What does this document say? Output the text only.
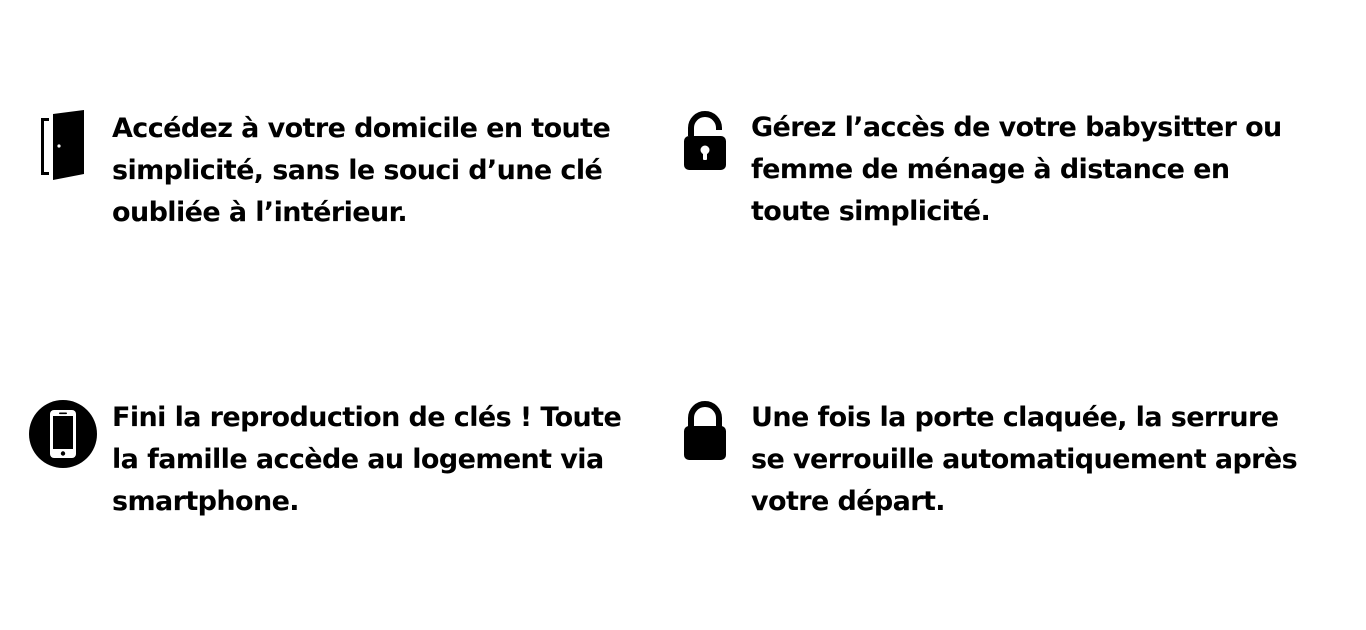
Accédez à votre domicile en toute simplicité, sans le souci d’une clé oubliée à l’intérieur.

Gérez l’accès de votre babysitter ou femme de ménage à distance en toute simplicité.

Fini la reproduction de clés ! Toute la famille accède au logement via smartphone.

Une fois la porte claquée, la serrure se verrouille automatiquement après votre départ.
